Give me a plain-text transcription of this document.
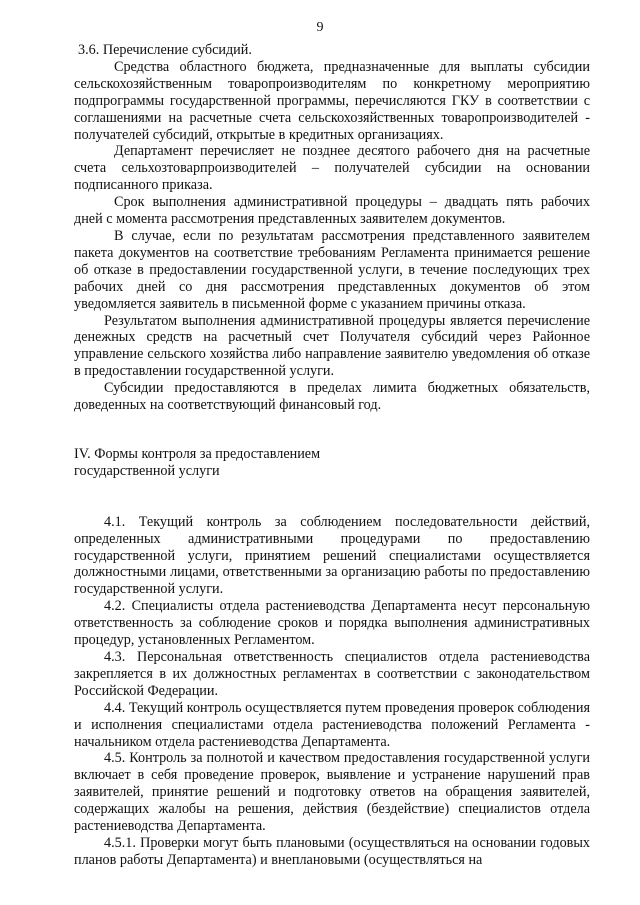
9

3.6. Перечисление субсидий.

Средства областного бюджета, предназначенные для выплаты субсидии сельскохозяйственным товаропроизводителям по конкретному мероприятию подпрограммы государственной программы, перечисляются ГКУ в соответствии с соглашениями на расчетные счета сельскохозяйственных товаропроизводителей - получателей субсидий, открытые в кредитных организациях.

Департамент перечисляет не позднее десятого рабочего дня на расчетные счета сельхозтоварпроизводителей – получателей субсидии на основании подписанного приказа.

Срок выполнения административной процедуры – двадцать пять рабочих дней с момента рассмотрения представленных заявителем документов.

В случае, если по результатам рассмотрения представленного заявителем пакета документов на соответствие требованиям Регламента принимается решение об отказе в предоставлении государственной услуги, в течение последующих трех рабочих дней со дня рассмотрения представленных документов об этом уведомляется заявитель в письменной форме с указанием причины отказа.

Результатом выполнения административной процедуры является перечисление денежных средств на расчетный счет Получателя субсидий через Районное управление сельского хозяйства либо направление заявителю уведомления об отказе в предоставлении государственной услуги.

Субсидии предоставляются в пределах лимита бюджетных обязательств, доведенных на соответствующий финансовый год.

IV. Формы контроля за предоставлением

государственной услуги

4.1. Текущий контроль за соблюдением последовательности действий, определенных административными процедурами по предоставлению государственной услуги, принятием решений специалистами осуществляется должностными лицами, ответственными за организацию работы по предоставлению государственной услуги.

4.2. Специалисты отдела растениеводства Департамента несут персональную ответственность за соблюдение сроков и порядка выполнения административных процедур, установленных Регламентом.

4.3. Персональная ответственность специалистов отдела растениеводства закрепляется в их должностных регламентах в соответствии с законодательством Российской Федерации.

4.4. Текущий контроль осуществляется путем проведения проверок соблюдения и исполнения специалистами отдела растениеводства положений Регламента - начальником отдела растениеводства Департамента.

4.5. Контроль за полнотой и качеством предоставления государственной услуги включает в себя проведение проверок, выявление и устранение нарушений прав заявителей, принятие решений и подготовку ответов на обращения заявителей, содержащих жалобы на решения, действия (бездействие) специалистов отдела растениеводства Департамента.

4.5.1. Проверки могут быть плановыми (осуществляться на основании годовых планов работы Департамента) и внеплановыми (осуществляться на
